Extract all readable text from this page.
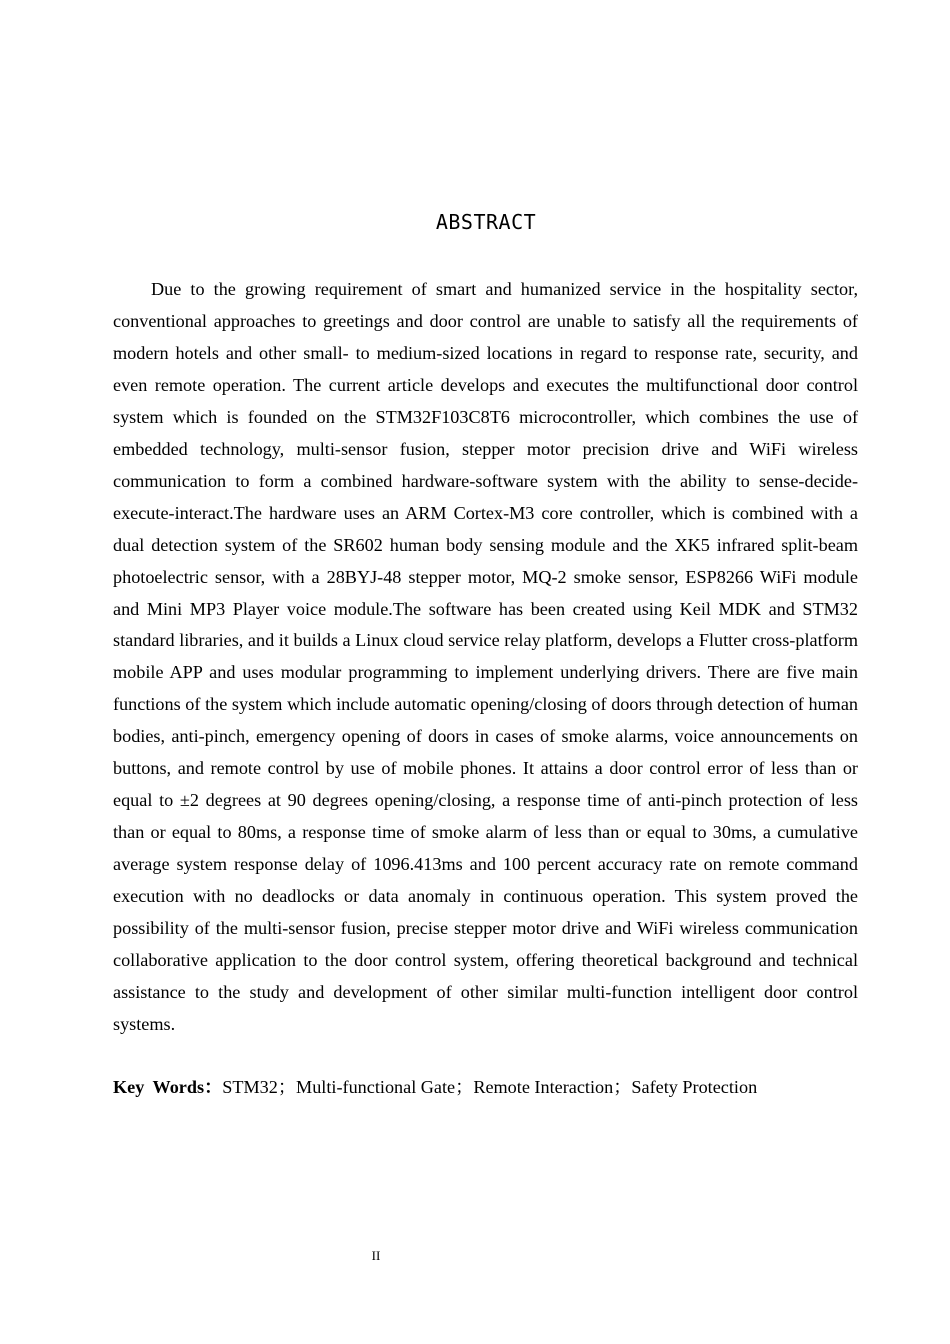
ABSTRACT

Due to the growing requirement of smart and humanized service in the hospitality sector, conventional approaches to greetings and door control are unable to satisfy all the requirements of modern hotels and other small- to medium-sized locations in regard to response rate, security, and even remote operation. The current article develops and executes the multifunctional door control system which is founded on the STM32F103C8T6 microcontroller, which combines the use of embedded technology, multi-sensor fusion, stepper motor precision drive and WiFi wireless communication to form a combined hardware-software system with the ability to sense-decide-execute-interact.The hardware uses an ARM Cortex-M3 core controller, which is combined with a dual detection system of the SR602 human body sensing module and the XK5 infrared split-beam photoelectric sensor, with a 28BYJ-48 stepper motor, MQ-2 smoke sensor, ESP8266 WiFi module and Mini MP3 Player voice module.The software has been created using Keil MDK and STM32 standard libraries, and it builds a Linux cloud service relay platform, develops a Flutter cross-platform mobile APP and uses modular programming to implement underlying drivers. There are five main functions of the system which include automatic opening/closing of doors through detection of human bodies, anti-pinch, emergency opening of doors in cases of smoke alarms, voice announcements on buttons, and remote control by use of mobile phones. It attains a door control error of less than or equal to ±2 degrees at 90 degrees opening/closing, a response time of anti-pinch protection of less than or equal to 80ms, a response time of smoke alarm of less than or equal to 30ms, a cumulative average system response delay of 1096.413ms and 100 percent accuracy rate on remote command execution with no deadlocks or data anomaly in continuous operation. This system proved the possibility of the multi-sensor fusion, precise stepper motor drive and WiFi wireless communication collaborative application to the door control system, offering theoretical background and technical assistance to the study and development of other similar multi-function intelligent door control systems.

Key Words：STM32；Multi-functional Gate；Remote Interaction；Safety Protection

II
